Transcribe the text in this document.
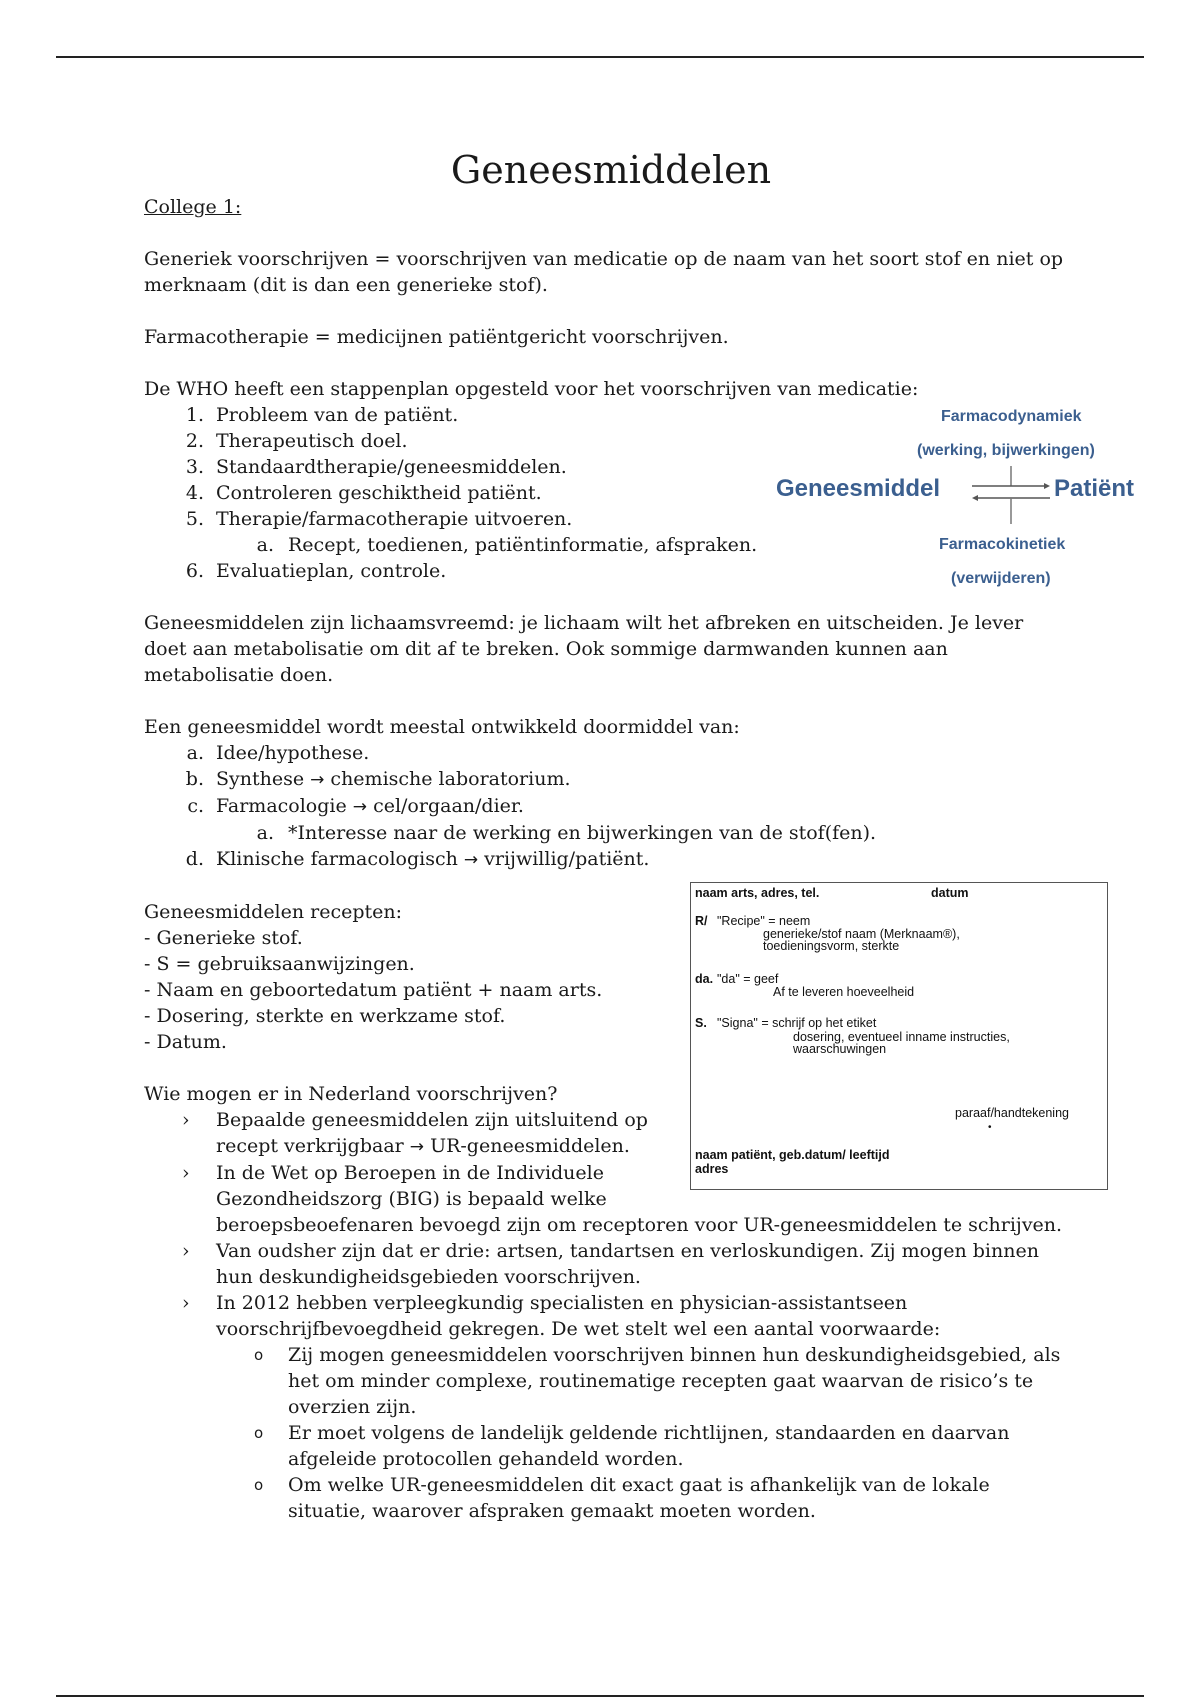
Geneesmiddelen

College 1:

Generiek voorschrijven = voorschrijven van medicatie op de naam van het soort stof en niet op merknaam (dit is dan een generieke stof).

Farmacotherapie = medicijnen patiëntgericht voorschrijven.

De WHO heeft een stappenplan opgesteld voor het voorschrijven van medicatie:

1. Probleem van de patiënt.
2. Therapeutisch doel.
3. Standaardtherapie/geneesmiddelen.
4. Controleren geschiktheid patiënt.
5. Therapie/farmacotherapie uitvoeren.
a. Recept, toedienen, patiëntinformatie, afspraken.
6. Evaluatieplan, controle.

Geneesmiddelen zijn lichaamsvreemd: je lichaam wilt het afbreken en uitscheiden. Je lever doet aan metabolisatie om dit af te breken. Ook sommige darmwanden kunnen aan metabolisatie doen.

Een geneesmiddel wordt meestal ontwikkeld doormiddel van:

a. Idee/hypothese.
b. Synthese → chemische laboratorium.
c. Farmacologie → cel/orgaan/dier.
a. *Interesse naar de werking en bijwerkingen van de stof(fen).
d. Klinische farmacologisch → vrijwillig/patiënt.

Geneesmiddelen recepten:

- Generieke stof.

- S = gebruiksaanwijzingen.

- Naam en geboortedatum patiënt + naam arts.

- Dosering, sterkte en werkzame stof.

- Datum.

Wie mogen er in Nederland voorschrijven?

› Bepaalde geneesmiddelen zijn uitsluitend op
recept verkrijgbaar → UR-geneesmiddelen.
› In de Wet op Beroepen in de Individuele
Gezondheidszorg (BIG) is bepaald welke
beroepsbeoefenaren bevoegd zijn om receptoren voor UR-geneesmiddelen te schrijven.
› Van oudsher zijn dat er drie: artsen, tandartsen en verloskundigen. Zij mogen binnen hun deskundigheidsgebieden voorschrijven.
› In 2012 hebben verpleegkundig specialisten en physician-assistantseen voorschrijfbevoegdheid gekregen. De wet stelt wel een aantal voorwaarde:
o Zij mogen geneesmiddelen voorschrijven binnen hun deskundigheidsgebied, als het om minder complexe, routinematige recepten gaat waarvan de risico’s te overzien zijn.
o Er moet volgens de landelijk geldende richtlijnen, standaarden en daarvan afgeleide protocollen gehandeld worden.
o Om welke UR-geneesmiddelen dit exact gaat is afhankelijk van de lokale situatie, waarover afspraken gemaakt moeten worden.
Farmacodynamiek
(werking, bijwerkingen)
Geneesmiddel	Patiënt
Farmacokinetiek
(verwijderen)
naam arts, adres, tel.	datum
R/ "Recipe" = neem
generieke/stof naam (Merknaam®),
toedieningsvorm, sterkte
da. "da" = geef
Af te leveren hoeveelheid
S. "Signa" = schrijf op het etiket
dosering, eventueel inname instructies,
waarschuwingen
paraaf/handtekening
•
naam patiënt, geb.datum/ leeftijd
adres
